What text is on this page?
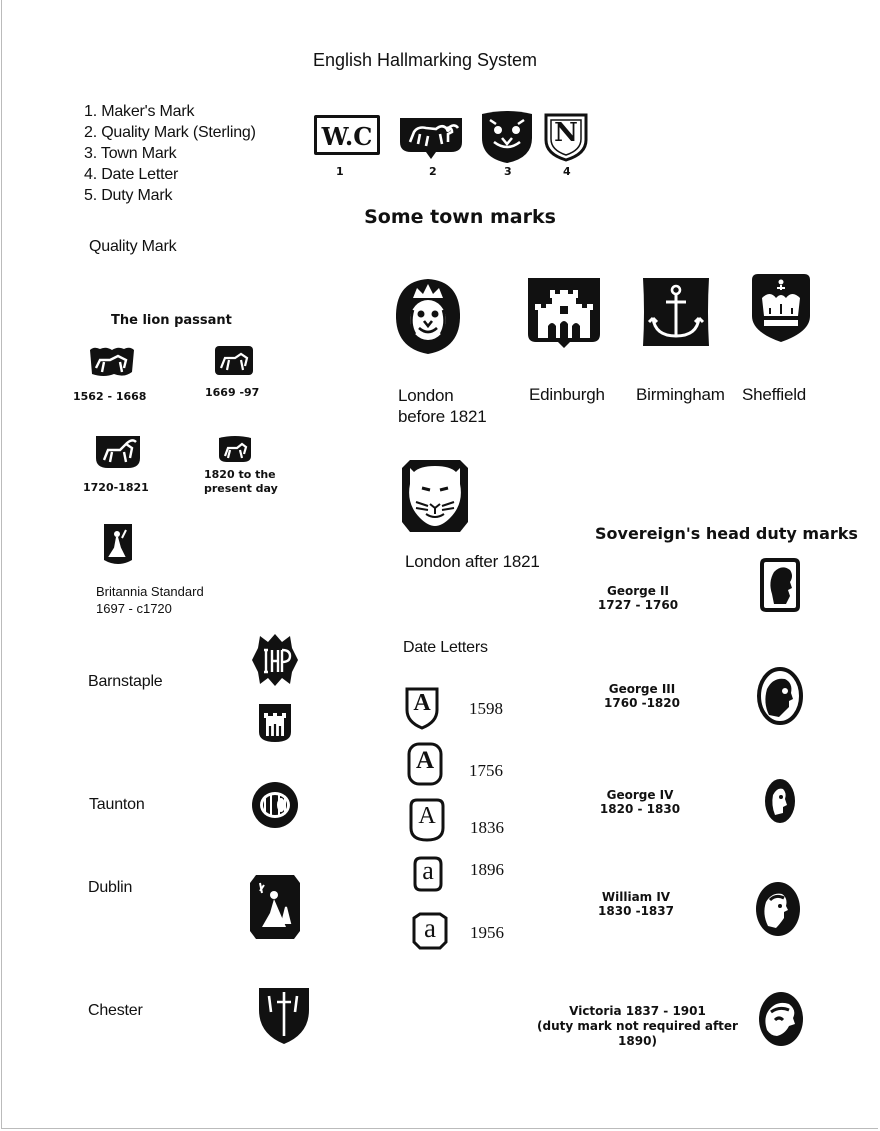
English Hallmarking System
1. Maker's Mark
2. Quality Mark (Sterling)
3. Town Mark
4. Date Letter
5. Duty Mark
W.C	N
1	2	3	4
Some town marks
Quality Mark
The lion passant
1562 - 1668	1669 -97
1720-1821
1820 to the
present day
Britannia Standard
1697 - c1720
Barnstaple
Taunton
Dublin
Chester
London
before 1821
Edinburgh Birmingham Sheffield
London after 1821
Date Letters
A	1598
A	1756
A	1836
a	1896
a	1956
Sovereign's head duty marks
George II
1727 - 1760
George III
1760 -1820
George IV
1820 - 1830
William IV
1830 -1837
Victoria 1837 - 1901
(duty mark not required after 1890)
